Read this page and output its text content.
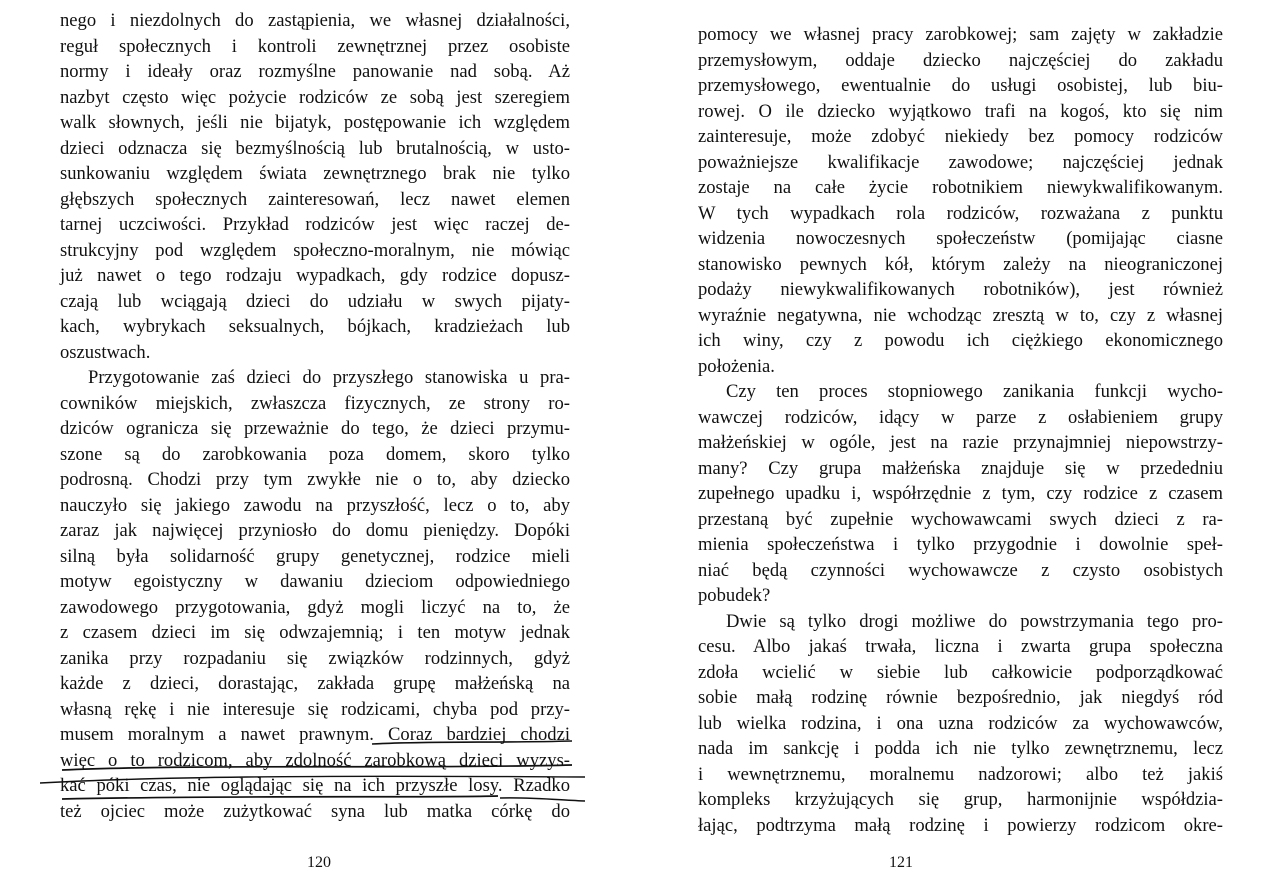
nego i niezdolnych do zastąpienia, we własnej działalności,
reguł społecznych i kontroli zewnętrznej przez osobiste
normy i ideały oraz rozmyślne panowanie nad sobą. Aż
nazbyt często więc pożycie rodziców ze sobą jest szeregiem
walk słownych, jeśli nie bijatyk, postępowanie ich względem
dzieci odznacza się bezmyślnością lub brutalnością, w usto-
sunkowaniu względem świata zewnętrznego brak nie tylko
głębszych społecznych zainteresowań, lecz nawet elemen
tarnej uczciwości. Przykład rodziców jest więc raczej de-
strukcyjny pod względem społeczno-moralnym, nie mówiąc
już nawet o tego rodzaju wypadkach, gdy rodzice dopusz-
czają lub wciągają dzieci do udziału w swych pijaty-
kach, wybrykach seksualnych, bójkach, kradzieżach lub
oszustwach.
Przygotowanie zaś dzieci do przyszłego stanowiska u pra-
cowników miejskich, zwłaszcza fizycznych, ze strony ro-
dziców ogranicza się przeważnie do tego, że dzieci przymu-
szone są do zarobkowania poza domem, skoro tylko
podrosną. Chodzi przy tym zwykłe nie o to, aby dziecko
nauczyło się jakiego zawodu na przyszłość, lecz o to, aby
zaraz jak najwięcej przyniosło do domu pieniędzy. Dopóki
silną była solidarność grupy genetycznej, rodzice mieli
motyw egoistyczny w dawaniu dzieciom odpowiedniego
zawodowego przygotowania, gdyż mogli liczyć na to, że
z czasem dzieci im się odwzajemnią; i ten motyw jednak
zanika przy rozpadaniu się związków rodzinnych, gdyż
każde z dzieci, dorastając, zakłada grupę małżeńską na
własną rękę i nie interesuje się rodzicami, chyba pod przy-
musem moralnym a nawet prawnym. Coraz bardziej chodzi
więc o to rodzicom, aby zdolność zarobkową dzieci wyzys-
kać póki czas, nie oglądając się na ich przyszłe losy. Rzadko
też ojciec może zużytkować syna lub matka córkę do
120
pomocy we własnej pracy zarobkowej; sam zajęty w zakładzie
przemysłowym, oddaje dziecko najczęściej do zakładu
przemysłowego, ewentualnie do usługi osobistej, lub biu-
rowej. O ile dziecko wyjątkowo trafi na kogoś, kto się nim
zainteresuje, może zdobyć niekiedy bez pomocy rodziców
poważniejsze kwalifikacje zawodowe; najczęściej jednak
zostaje na całe życie robotnikiem niewykwalifikowanym.
W tych wypadkach rola rodziców, rozważana z punktu
widzenia nowoczesnych społeczeństw (pomijając ciasne
stanowisko pewnych kół, którym zależy na nieograniczonej
podaży niewykwalifikowanych robotników), jest również
wyraźnie negatywna, nie wchodząc zresztą w to, czy z własnej
ich winy, czy z powodu ich ciężkiego ekonomicznego
położenia.
Czy ten proces stopniowego zanikania funkcji wycho-
wawczej rodziców, idący w parze z osłabieniem grupy
małżeńskiej w ogóle, jest na razie przynajmniej niepowstrzy-
many? Czy grupa małżeńska znajduje się w przededniu
zupełnego upadku i, współrzędnie z tym, czy rodzice z czasem
przestaną być zupełnie wychowawcami swych dzieci z ra-
mienia społeczeństwa i tylko przygodnie i dowolnie speł-
niać będą czynności wychowawcze z czysto osobistych
pobudek?
Dwie są tylko drogi możliwe do powstrzymania tego pro-
cesu. Albo jakaś trwała, liczna i zwarta grupa społeczna
zdoła wcielić w siebie lub całkowicie podporządkować
sobie małą rodzinę równie bezpośrednio, jak niegdyś ród
lub wielka rodzina, i ona uzna rodziców za wychowawców,
nada im sankcję i podda ich nie tylko zewnętrznemu, lecz
i wewnętrznemu, moralnemu nadzorowi; albo też jakiś
kompleks krzyżujących się grup, harmonijnie współdzia-
łając, podtrzyma małą rodzinę i powierzy rodzicom okre-
121
